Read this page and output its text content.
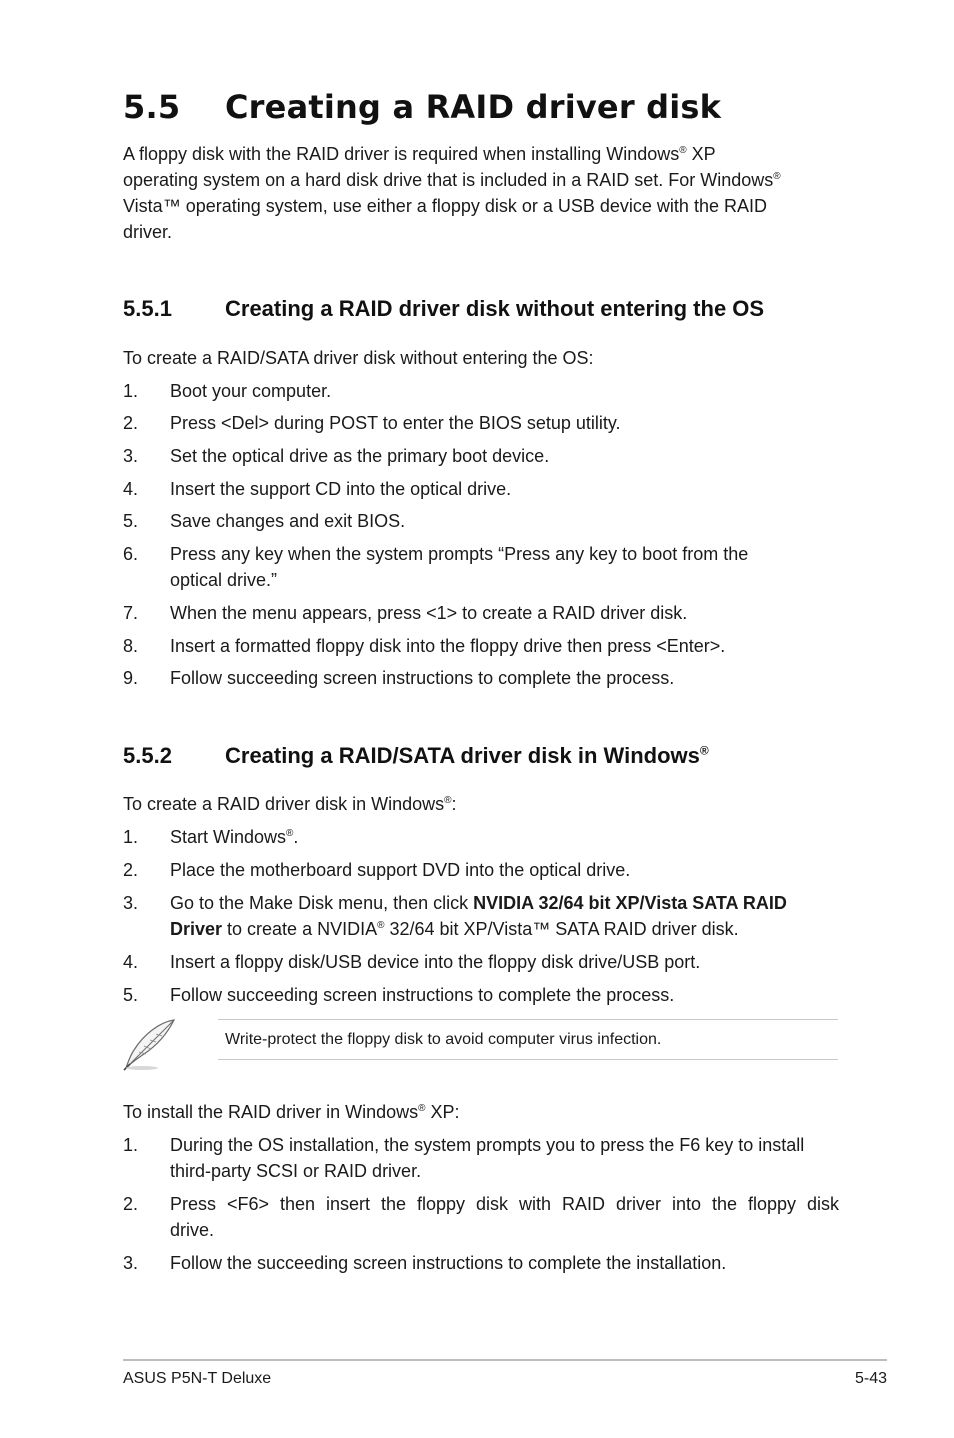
5.5 Creating a RAID driver disk

A floppy disk with the RAID driver is required when installing Windows® XP

operating system on a hard disk drive that is included in a RAID set. For Windows®

Vista™ operating system, use either a floppy disk or a USB device with the RAID

driver.

5.5.1 Creating a RAID driver disk without entering the OS

To create a RAID/SATA driver disk without entering the OS:

1. Boot your computer.
2. Press <Del> during POST to enter the BIOS setup utility.
3. Set the optical drive as the primary boot device.
4. Insert the support CD into the optical drive.
5. Save changes and exit BIOS.
6. Press any key when the system prompts “Press any key to boot from the
optical drive.”
7. When the menu appears, press <1> to create a RAID driver disk.
8. Insert a formatted floppy disk into the floppy drive then press <Enter>.
9. Follow succeeding screen instructions to complete the process.
5.5.2 Creating a RAID/SATA driver disk in Windows®

To create a RAID driver disk in Windows®:

1. Start Windows®.
2. Place the motherboard support DVD into the optical drive.
3. Go to the Make Disk menu, then click NVIDIA 32/64 bit XP/Vista SATA RAID
Driver to create a NVIDIA® 32/64 bit XP/Vista™ SATA RAID driver disk.
4. Insert a floppy disk/USB device into the floppy disk drive/USB port.
5. Follow succeeding screen instructions to complete the process.
Write-protect the floppy disk to avoid computer virus infection.

To install the RAID driver in Windows® XP:

1. During the OS installation, the system prompts you to press the F6 key to install
third-party SCSI or RAID driver.
2. Press <F6> then insert the floppy disk with RAID driver into the floppy disk
drive.
3. Follow the succeeding screen instructions to complete the installation.
ASUS P5N-T Deluxe	5-43
